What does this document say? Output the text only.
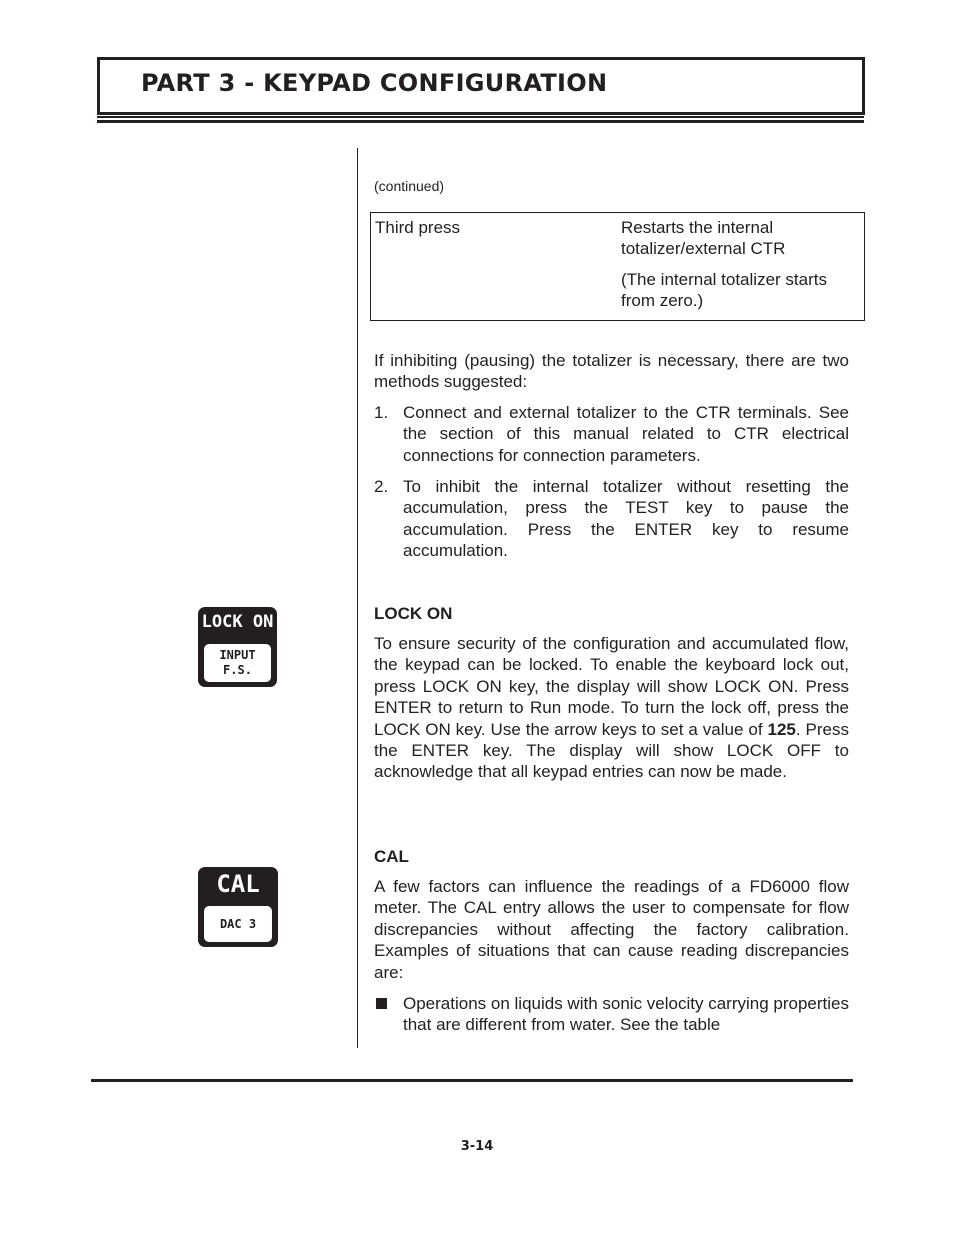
PART 3 - KEYPAD CONFIGURATION
(continued)
Third press	Restarts the internal totalizer/external CTR

(The internal totalizer starts from zero.)

If inhibiting (pausing) the totalizer is necessary, there are two methods suggested:
1. Connect and external totalizer to the CTR terminals. See the section of this manual related to CTR electrical connections for connection parameters.
2. To inhibit the internal totalizer without resetting the accumulation, press the TEST key to pause the accumulation. Press the ENTER key to resume accumulation.
LOCK ON
INPUT
F.S.
LOCK ON
To ensure security of the configuration and accumulated flow, the keypad can be locked. To enable the keyboard lock out, press LOCK ON key, the display will show LOCK ON. Press ENTER to return to Run mode. To turn the lock off, press the LOCK ON key. Use the arrow keys to set a value of 125. Press the ENTER key. The display will show LOCK OFF to acknowledge that all keypad entries can now be made.
CAL
DAC 3
CAL
A few factors can influence the readings of a FD6000 flow meter. The CAL entry allows the user to compensate for flow discrepancies without affecting the factory calibration. Examples of situations that can cause reading discrepancies are:
Operations on liquids with sonic velocity carrying properties that are different from water. See the table
3-14
